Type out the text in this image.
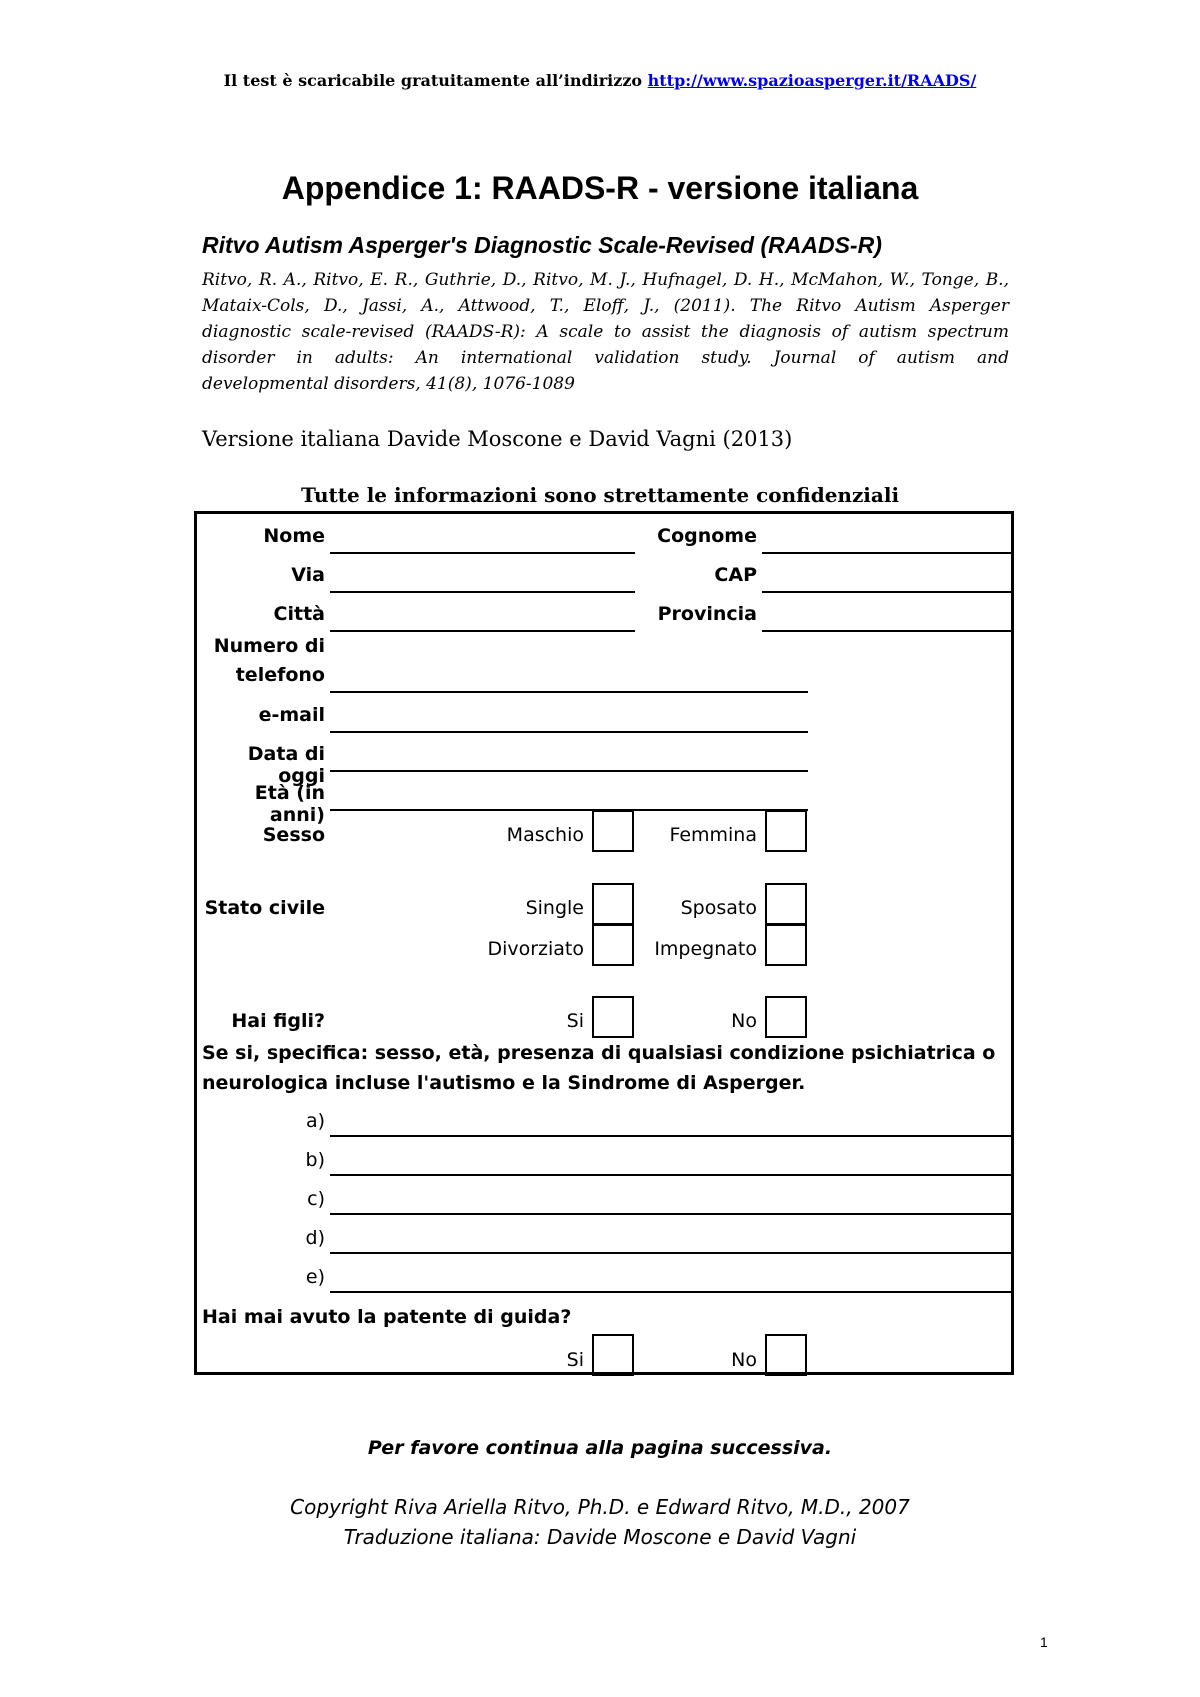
Il test è scaricabile gratuitamente all’indirizzo http://www.spazioasperger.it/RAADS/
Appendice 1: RAADS-R - versione italiana
Ritvo Autism Asperger's Diagnostic Scale-Revised (RAADS-R)
Ritvo, R. A., Ritvo, E. R., Guthrie, D., Ritvo, M. J., Hufnagel, D. H., McMahon, W., Tonge, B.,
Mataix-Cols, D., Jassi, A., Attwood, T., Eloff, J., (2011). The Ritvo Autism Asperger
diagnostic scale-revised (RAADS-R): A scale to assist the diagnosis of autism spectrum
disorder in adults: An international validation study. Journal of autism and
developmental disorders, 41(8), 1076-1089
Versione italiana Davide Moscone e David Vagni (2013)
Tutte le informazioni sono strettamente confidenziali
Nome	Cognome
Via	CAP
Città	Provincia
Numero di
telefono
e-mail
Data di oggi
Età (in anni)
Sesso	Maschio	Femmina
Stato civile	Single	Sposato
Divorziato	Impegnato
Hai figli?	Si	No
Se si, specifica: sesso, età, presenza di qualsiasi condizione psichiatrica o
neurologica incluse l'autismo e la Sindrome di Asperger.
a)
b)
c)
d)
e)
Hai mai avuto la patente di guida?
Si	No
Per favore continua alla pagina successiva.
Copyright Riva Ariella Ritvo, Ph.D. e Edward Ritvo, M.D., 2007
Traduzione italiana: Davide Moscone e David Vagni
1
